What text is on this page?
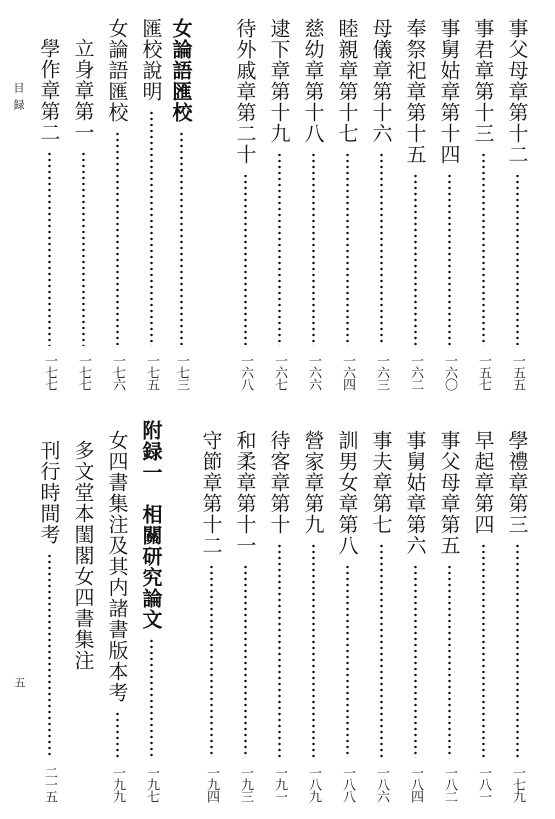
目録
五
事父母章第十二
一五五
事君章第十三
一五七
事舅姑章第十四
一六〇
奉祭祀章第十五
一六二
母儀章第十六
一六三
睦親章第十七
一六四
慈幼章第十八
一六六
逮下章第十九
一六七
待外戚章第二十
一六八
女論語匯校
一七三
匯校說明
一七五
女論語匯校
一七六
立身章第一
一七七
學作章第二
一七七
學禮章第三
一七九
早起章第四
一八一
事父母章第五
一八二
事舅姑章第六
一八四
事夫章第七
一八六
訓男女章第八
一八八
營家章第九
一八九
待客章第十
一九一
和柔章第十一
一九三
守節章第十二
一九四
附録一　相關研究論文
一九七
女四書集注及其内諸書版本考
一九九
多文堂本閨閣女四書集注
刊行時間考
二一五
